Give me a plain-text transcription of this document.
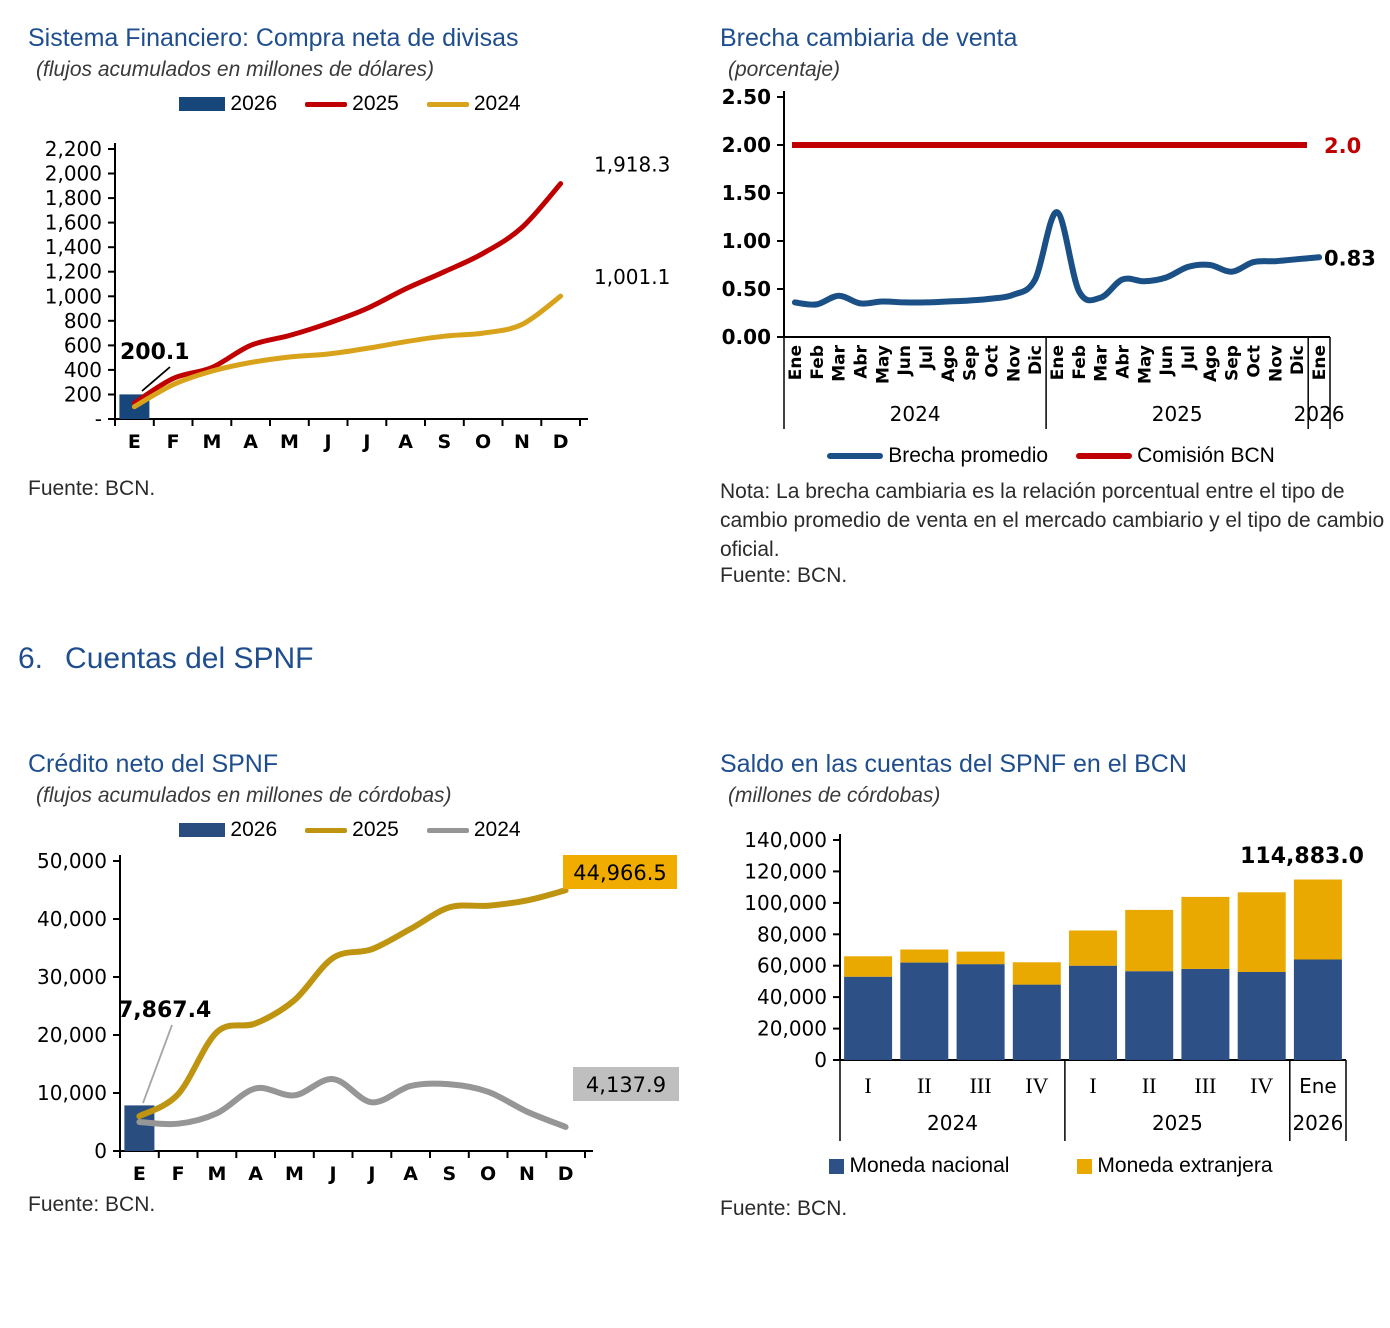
Sistema Financiero: Compra neta de divisas
(flujos acumulados en millones de dólares)
2026	2025	2024
2,200
2,000
1,800
1,600
1,400
1,200
1,000
800
600
400
200
-
E F M A M J J A S O N D
200.1
1,918.3
1,001.1
Fuente: BCN.
Brecha cambiaria de venta
(porcentaje)
2.50
2.00
1.50
1.00
0.50
0.00
2.0
0.83
Ene Feb Mar Abr May Jun Jul Ago Sep Oct Nov Dic Ene Feb Mar Abr May Jun Jul Ago Sep Oct Nov Dic Ene
2024	2025	2026
Brecha promedio	Comisión BCN
Nota: La brecha cambiaria es la relación porcentual entre el tipo de cambio promedio de venta en el mercado cambiario y el tipo de cambio oficial.
Fuente: BCN.
6. Cuentas del SPNF
Crédito neto del SPNF
(flujos acumulados en millones de córdobas)
2026	2025	2024
50,000
40,000
30,000
20,000
10,000
0
E F M A M J J A S O N D
7,867.4
44,966.5
4,137.9
Fuente: BCN.
Saldo en las cuentas del SPNF en el BCN
(millones de córdobas)
140,000
120,000
100,000
80,000
60,000
40,000
20,000
0
I II III IV I II III IV Ene
2024	2025	2026
114,883.0
Moneda nacional	Moneda extranjera
Fuente: BCN.
